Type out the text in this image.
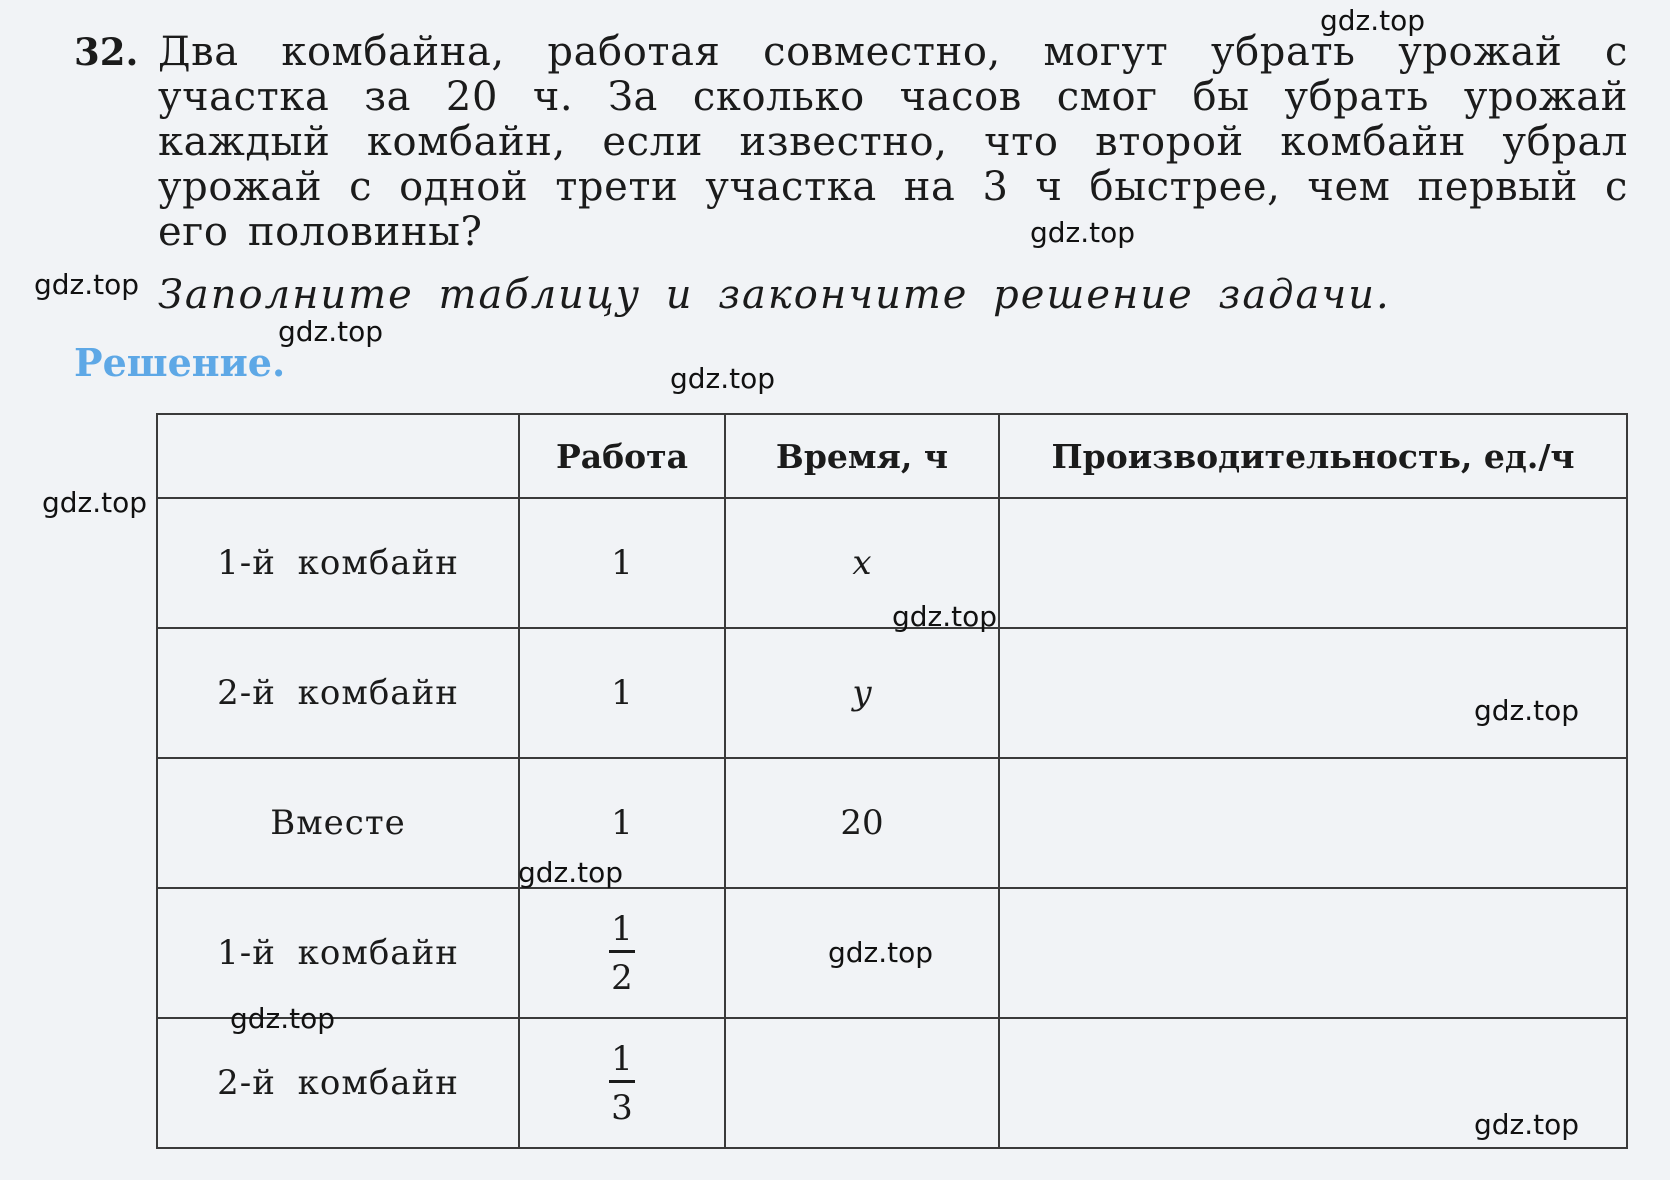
32. Два комбайна, работая совместно, могут убрать урожай с участка за 20 ч. За сколько часов смог бы убрать урожай каждый комбайн, если известно, что второй комбайн убрал урожай с одной трети участка на 3 ч быстрее, чем первый с его половины?
Заполните таблицу и закончите решение задачи.
Решение.
	Работа	Время, ч	Производительность, ед./ч
1-й комбайн	1	x	
2-й комбайн	1	y	
Вместе	1	20	
1-й комбайн	$\frac{1}{2}$

2-й комбайн	$\frac{1}{3}$

gdz.top
gdz.top
gdz.top
gdz.top
gdz.top
gdz.top
gdz.top
gdz.top
gdz.top
gdz.top
gdz.top
gdz.top
